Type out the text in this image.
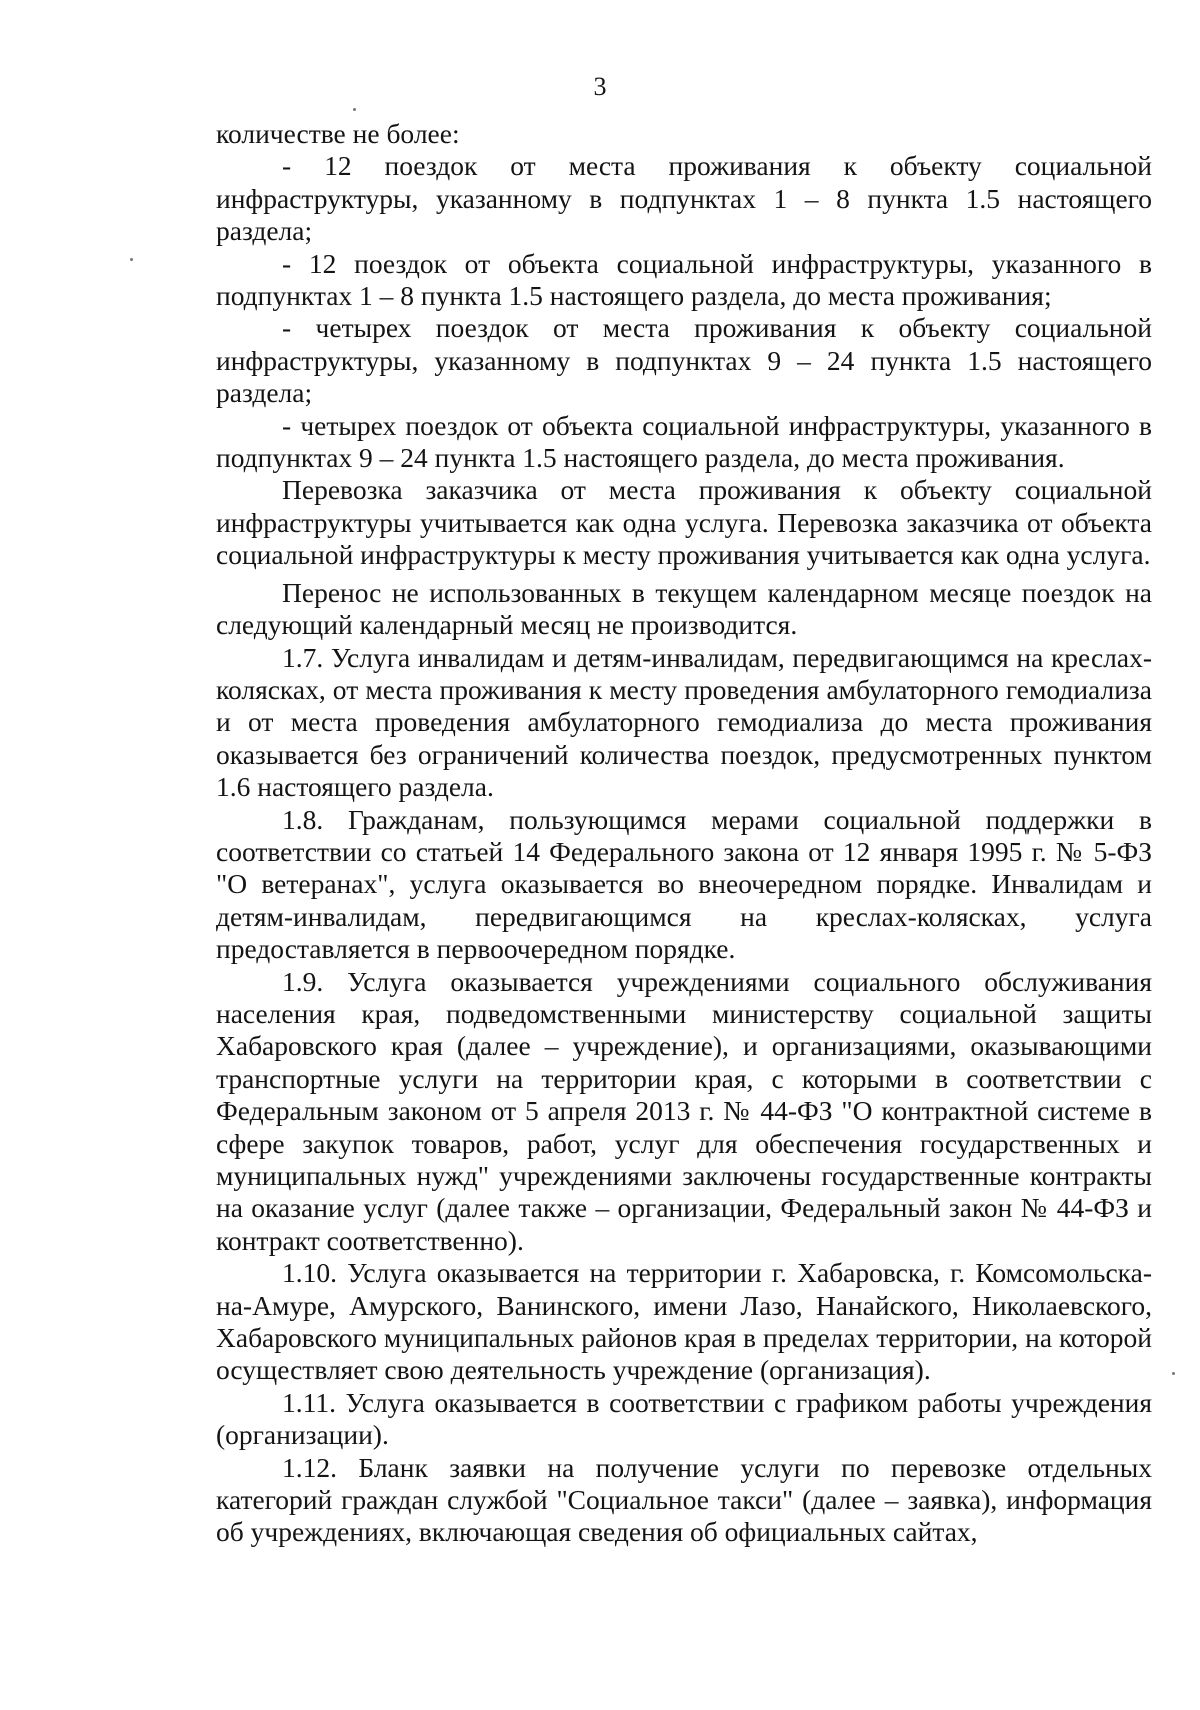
3

количестве не более:

- 12 поездок от места проживания к объекту социальной инфраструктуры, указанному в подпунктах 1 – 8 пункта 1.5 настоящего раздела;

- 12 поездок от объекта социальной инфраструктуры, указанного в подпунктах 1 – 8 пункта 1.5 настоящего раздела, до места проживания;

- четырех поездок от места проживания к объекту социальной инфраструктуры, указанному в подпунктах 9 – 24 пункта 1.5 настоящего раздела;

- четырех поездок от объекта социальной инфраструктуры, указанного в подпунктах 9 – 24 пункта 1.5 настоящего раздела, до места проживания.

Перевозка заказчика от места проживания к объекту социальной инфраструктуры учитывается как одна услуга. Перевозка заказчика от объекта социальной инфраструктуры к месту проживания учитывается как одна услуга.

Перенос не использованных в текущем календарном месяце поездок на следующий календарный месяц не производится.

1.7. Услуга инвалидам и детям-инвалидам, передвигающимся на креслах-колясках, от места проживания к месту проведения амбулаторного гемодиализа и от места проведения амбулаторного гемодиализа до места проживания оказывается без ограничений количества поездок, предусмотренных пунктом 1.6 настоящего раздела.

1.8. Гражданам, пользующимся мерами социальной поддержки в соответствии со статьей 14 Федерального закона от 12 января 1995 г. № 5-ФЗ "О ветеранах", услуга оказывается во внеочередном порядке. Инвалидам и детям-инвалидам, передвигающимся на креслах-колясках, услуга предоставляется в первоочередном порядке.

1.9. Услуга оказывается учреждениями социального обслуживания населения края, подведомственными министерству социальной защиты Хабаровского края (далее – учреждение), и организациями, оказывающими транспортные услуги на территории края, с которыми в соответствии с Федеральным законом от 5 апреля 2013 г. № 44-ФЗ "О контрактной системе в сфере закупок товаров, работ, услуг для обеспечения государственных и муниципальных нужд" учреждениями заключены государственные контракты на оказание услуг (далее также – организации, Федеральный закон № 44-ФЗ и контракт соответственно).

1.10. Услуга оказывается на территории г. Хабаровска, г. Комсомольска-на-Амуре, Амурского, Ванинского, имени Лазо, Нанайского, Николаевского, Хабаровского муниципальных районов края в пределах территории, на которой осуществляет свою деятельность учреждение (организация).

1.11. Услуга оказывается в соответствии с графиком работы учреждения (организации).

1.12. Бланк заявки на получение услуги по перевозке отдельных категорий граждан службой "Социальное такси" (далее – заявка), информация об учреждениях, включающая сведения об официальных сайтах,
